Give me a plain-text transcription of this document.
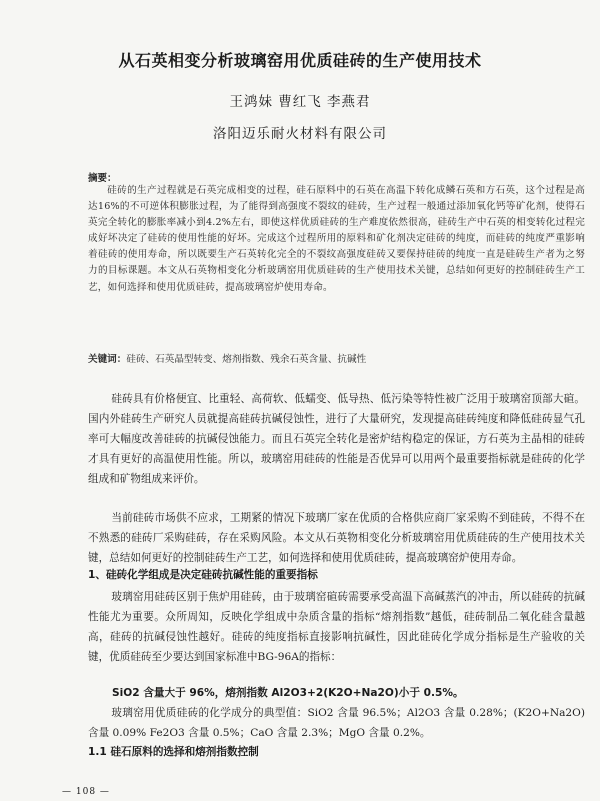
从石英相变分析玻璃窑用优质硅砖的生产使用技术
王鸿妹 曹红飞 李燕君
洛阳迈乐耐火材料有限公司
摘要：
硅砖的生产过程就是石英完成相变的过程，硅石原料中的石英在高温下转化成鳞石英和方石英，这个过程是高达16%的不可逆体积膨胀过程，为了能得到高强度不裂纹的硅砖，生产过程一般通过添加氧化钙等矿化剂，使得石英完全转化的膨胀率减小到4.2%左右，即使这样优质硅砖的生产难度依然很高，硅砖生产中石英的相变转化过程完成好坏决定了硅砖的使用性能的好坏。完成这个过程所用的原料和矿化剂决定硅砖的纯度，而硅砖的纯度严重影响着硅砖的使用寿命，所以既要生产石英转化完全的不裂纹高强度硅砖又要保持硅砖的纯度一直是硅砖生产者为之努力的目标课题。本文从石英物相变化分析玻璃窑用优质硅砖的生产使用技术关键，总结如何更好的控制硅砖生产工艺，如何选择和使用优质硅砖，提高玻璃窑炉使用寿命。
关键词：硅砖、石英晶型转变、熔剂指数、残余石英含量、抗碱性
硅砖具有价格便宜、比重轻、高荷软、低蠕变、低导热、低污染等特性被广泛用于玻璃窑顶部大碹。国内外硅砖生产研究人员就提高硅砖抗碱侵蚀性，进行了大量研究，发现提高硅砖纯度和降低硅砖显气孔率可大幅度改善硅砖的抗碱侵蚀能力。而且石英完全转化是密炉结构稳定的保证，方石英为主晶相的硅砖才具有更好的高温使用性能。所以，玻璃窑用硅砖的性能是否优异可以用两个最重要指标就是硅砖的化学组成和矿物组成来评价。
当前硅砖市场供不应求，工期紧的情况下玻璃厂家在优质的合格供应商厂家采购不到硅砖，不得不在不熟悉的硅砖厂采购硅砖，存在采购风险。本文从石英物相变化分析玻璃窑用优质硅砖的生产使用技术关键，总结如何更好的控制硅砖生产工艺，如何选择和使用优质硅砖，提高玻璃窑炉使用寿命。
1、硅砖化学组成是决定硅砖抗碱性能的重要指标
玻璃窑用硅砖区别于焦炉用硅砖，由于玻璃窑碹砖需要承受高温下高碱蒸汽的冲击，所以硅砖的抗碱性能尤为重要。众所周知，反映化学组成中杂质含量的指标“熔剂指数”越低，硅砖制品二氧化硅含量越高，硅砖的抗碱侵蚀性越好。硅砖的纯度指标直接影响抗碱性，因此硅砖化学成分指标是生产验收的关键，优质硅砖至少要达到国家标准中BG-96A的指标：
SiO2 含量大于 96%，熔剂指数 Al2O3+2(K2O+Na2O)小于 0.5%。
玻璃窑用优质硅砖的化学成分的典型值：SiO2 含量 96.5%；Al2O3 含量 0.28%；(K2O+Na2O) 含量 0.09% Fe2O3 含量 0.5%；CaO 含量 2.3%；MgO 含量 0.2%。
1.1 硅石原料的选择和熔剂指数控制
— 108 —
